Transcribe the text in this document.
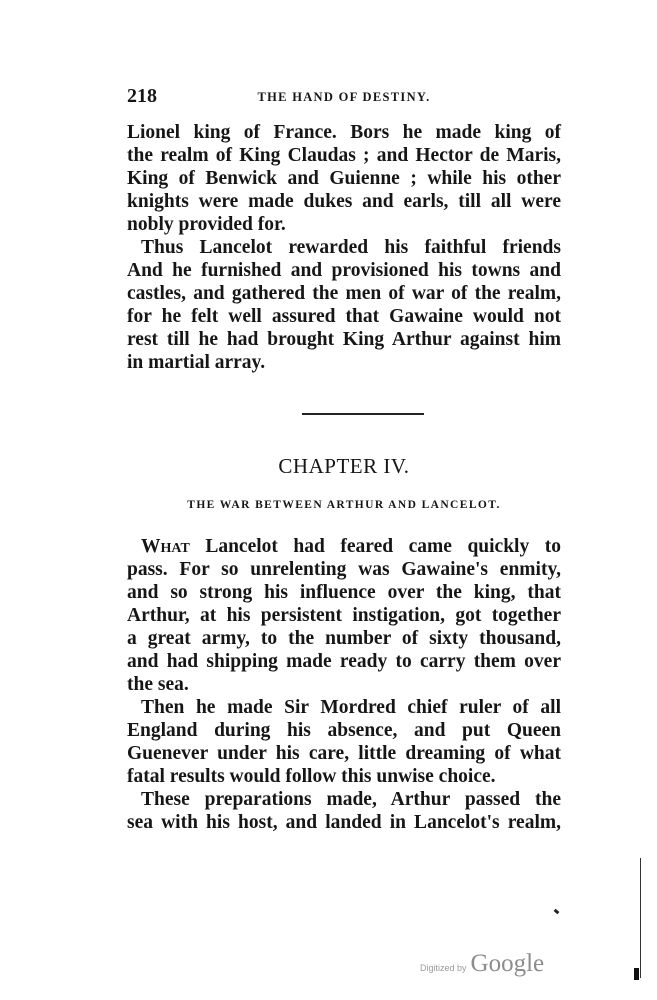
218	THE HAND OF DESTINY.
Lionel king of France. Bors he made king of
the realm of King Claudas ; and Hector de Maris,
King of Benwick and Guienne ; while his other
knights were made dukes and earls, till all were
nobly provided for.
Thus Lancelot rewarded his faithful friends
And he furnished and provisioned his towns and
castles, and gathered the men of war of the realm,
for he felt well assured that Gawaine would not
rest till he had brought King Arthur against him
in martial array.
CHAPTER IV.
THE WAR BETWEEN ARTHUR AND LANCELOT.
What Lancelot had feared came quickly to
pass. For so unrelenting was Gawaine's enmity,
and so strong his influence over the king, that
Arthur, at his persistent instigation, got together
a great army, to the number of sixty thousand,
and had shipping made ready to carry them over
the sea.
Then he made Sir Mordred chief ruler of all
England during his absence, and put Queen
Guenever under his care, little dreaming of what
fatal results would follow this unwise choice.
These preparations made, Arthur passed the
sea with his host, and landed in Lancelot's realm,
Digitized by Google
